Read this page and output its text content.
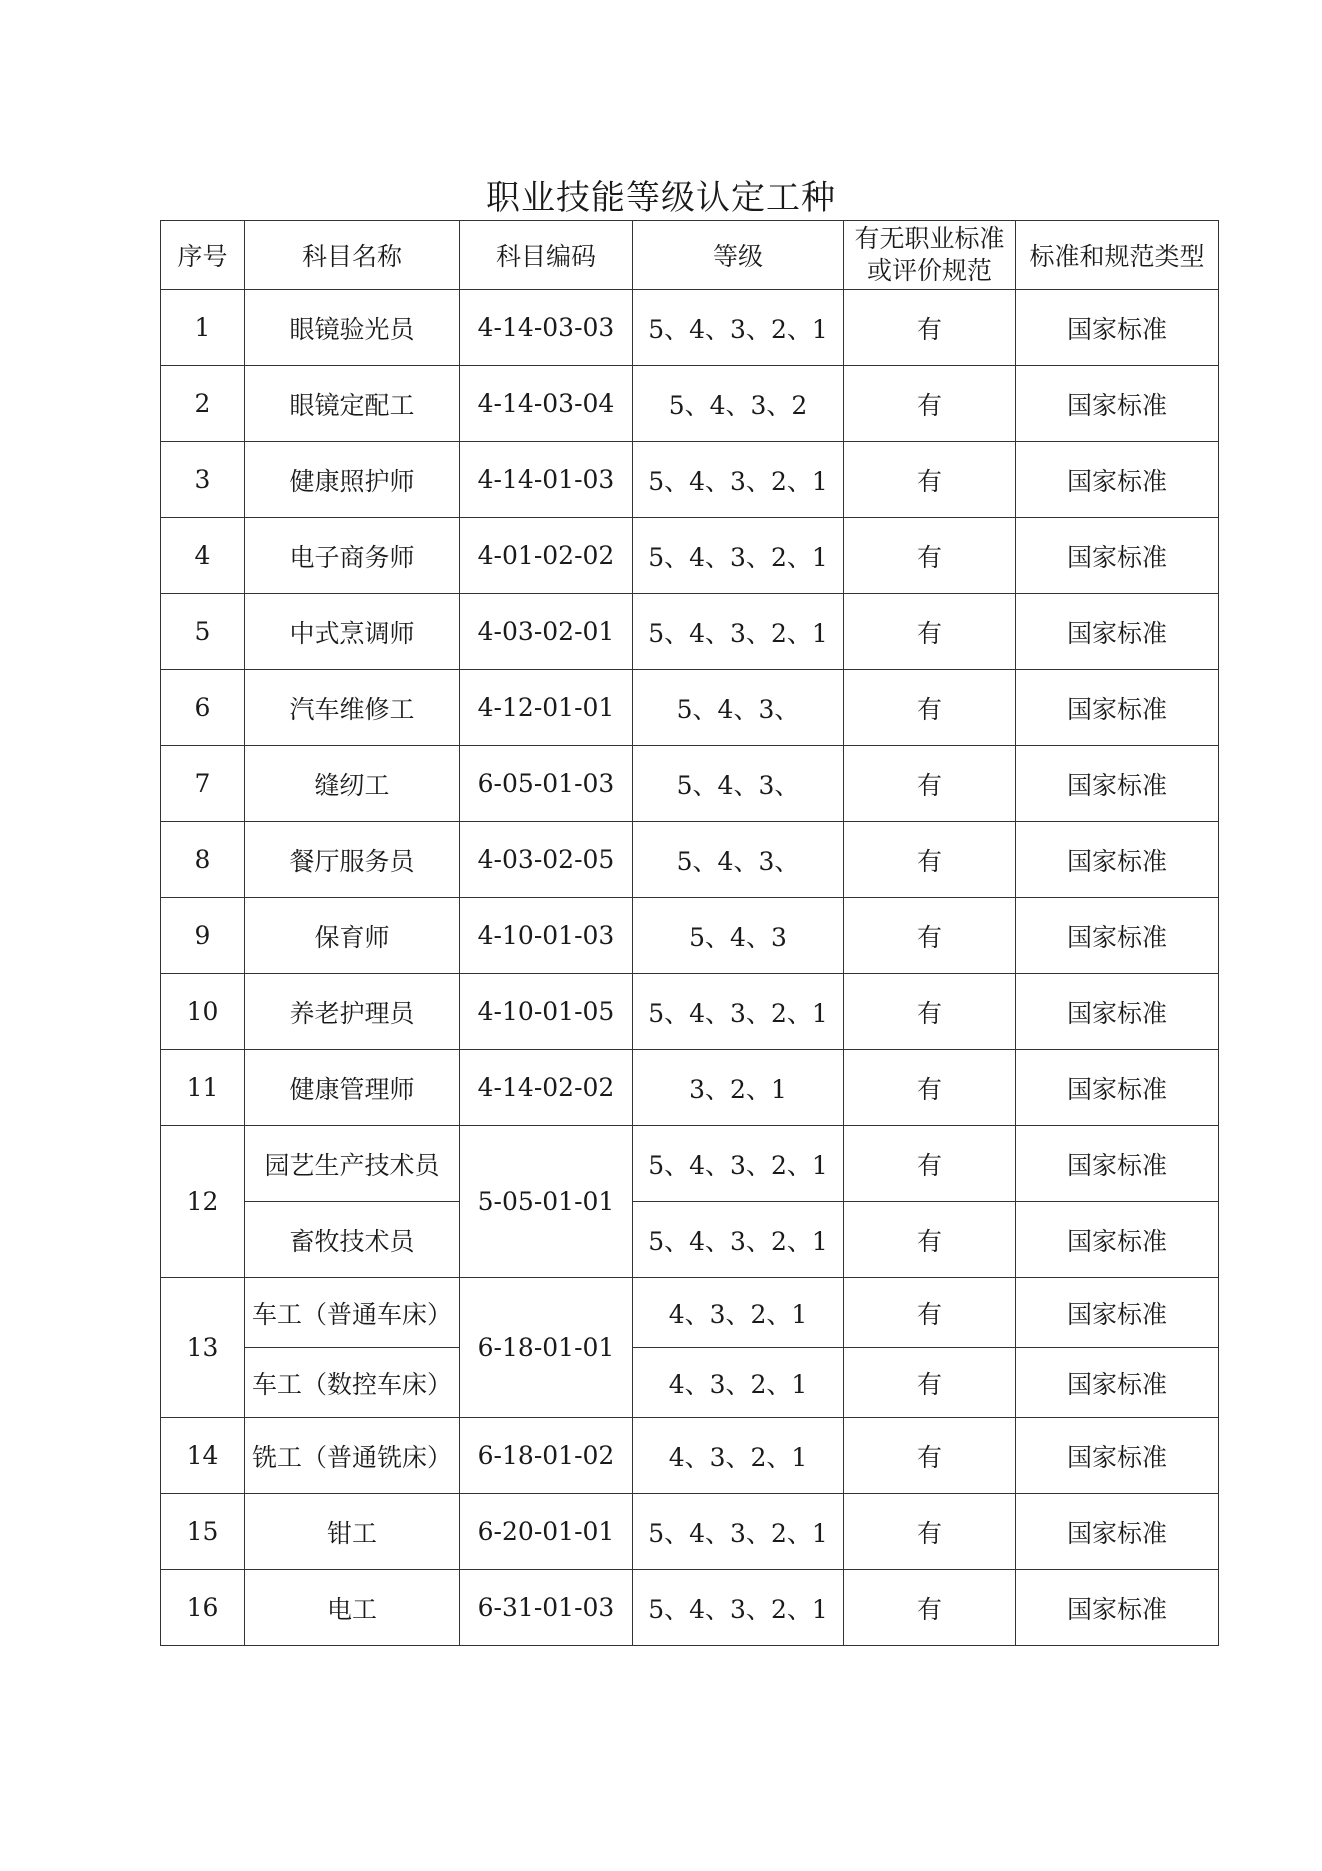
职业技能等级认定工种
序号	科目名称	科目编码	等级	有无职业标准或评价规范	标准和规范类型
1	眼镜验光员	4-14-03-03	5、4、3、2、1	有	国家标准
2	眼镜定配工	4-14-03-04	5、4、3、2	有	国家标准
3	健康照护师	4-14-01-03	5、4、3、2、1	有	国家标准
4	电子商务师	4-01-02-02	5、4、3、2、1	有	国家标准
5	中式烹调师	4-03-02-01	5、4、3、2、1	有	国家标准
6	汽车维修工	4-12-01-01	5、4、3、	有	国家标准
7	缝纫工	6-05-01-03	5、4、3、	有	国家标准
8	餐厅服务员	4-03-02-05	5、4、3、	有	国家标准
9	保育师	4-10-01-03	5、4、3	有	国家标准
10	养老护理员	4-10-01-05	5、4、3、2、1	有	国家标准
11	健康管理师	4-14-02-02	3、2、1	有	国家标准
12	园艺生产技术员	5-05-01-01	5、4、3、2、1	有	国家标准
	畜牧技术员		5、4、3、2、1	有	国家标准
13	车工（普通车床）	6-18-01-01	4、3、2、1	有	国家标准
	车工（数控车床）		4、3、2、1	有	国家标准
14	铣工（普通铣床）	6-18-01-02	4、3、2、1	有	国家标准
15	钳工	6-20-01-01	5、4、3、2、1	有	国家标准
16	电工	6-31-01-03	5、4、3、2、1	有	国家标准
